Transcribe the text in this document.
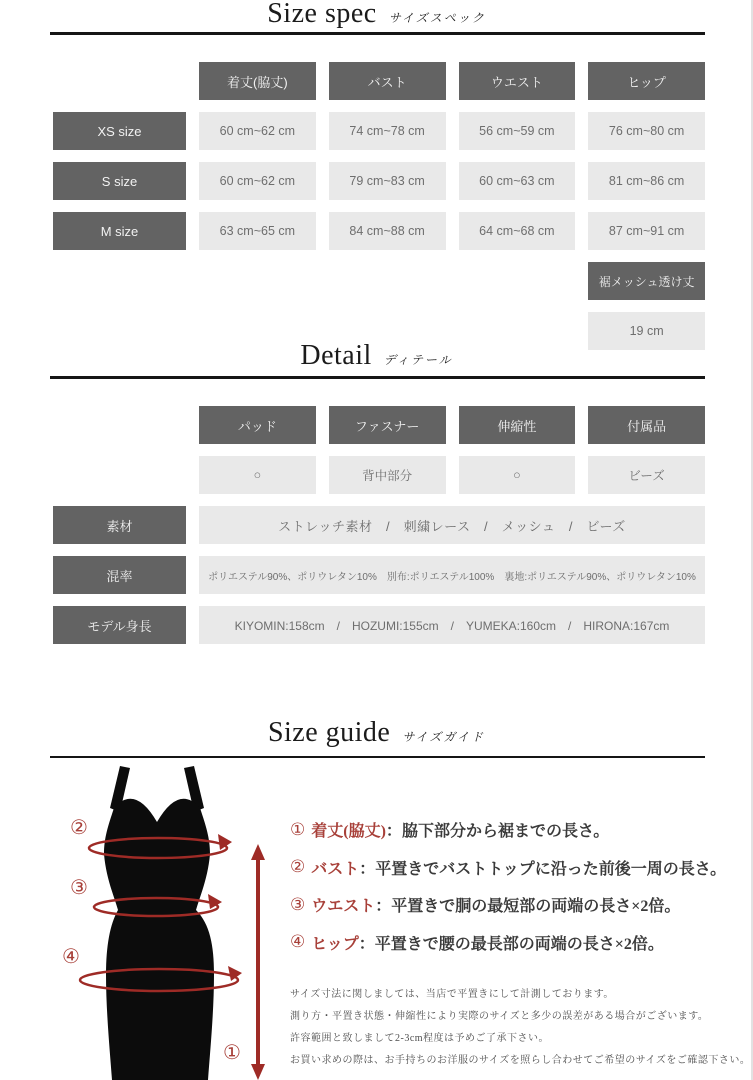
Size spec サイズスペック
着丈(脇丈)	バスト	ウエスト	ヒップ
XS size	60 cm~62 cm	74 cm~78 cm	56 cm~59 cm	76 cm~80 cm
S size	60 cm~62 cm	79 cm~83 cm	60 cm~63 cm	81 cm~86 cm
M size	63 cm~65 cm	84 cm~88 cm	64 cm~68 cm	87 cm~91 cm
裾メッシュ透け丈
19 cm
Detail ディテール
パッド	ファスナー	伸縮性	付属品
○	背中部分	○	ビーズ
素材	ストレッチ素材　/　刺繍レース　/　メッシュ　/　ビーズ
混率	ポリエステル90%、ポリウレタン10%　別布:ポリエステル100%　裏地:ポリエステル90%、ポリウレタン10%
モデル身長	KIYOMIN:158cm　/　HOZUMI:155cm　/　YUMEKA:160cm　/　HIRONA:167cm
Size guide サイズガイド
②
③
④
①
① 着丈(脇丈) ： 脇下部分から裾までの長さ。
② バスト ： 平置きでバストトップに沿った前後一周の長さ。
③ ウエスト ： 平置きで胴の最短部の両端の長さ×2倍。
④ ヒップ ： 平置きで腰の最長部の両端の長さ×2倍。
サイズ寸法に関しましては、当店で平置きにして計測しております。
測り方・平置き状態・伸縮性により実際のサイズと多少の誤差がある場合がございます。
許容範囲と致しまして2-3cm程度は予めご了承下さい。
お買い求めの際は、お手持ちのお洋服のサイズを照らし合わせてご希望のサイズをご確認下さい。
